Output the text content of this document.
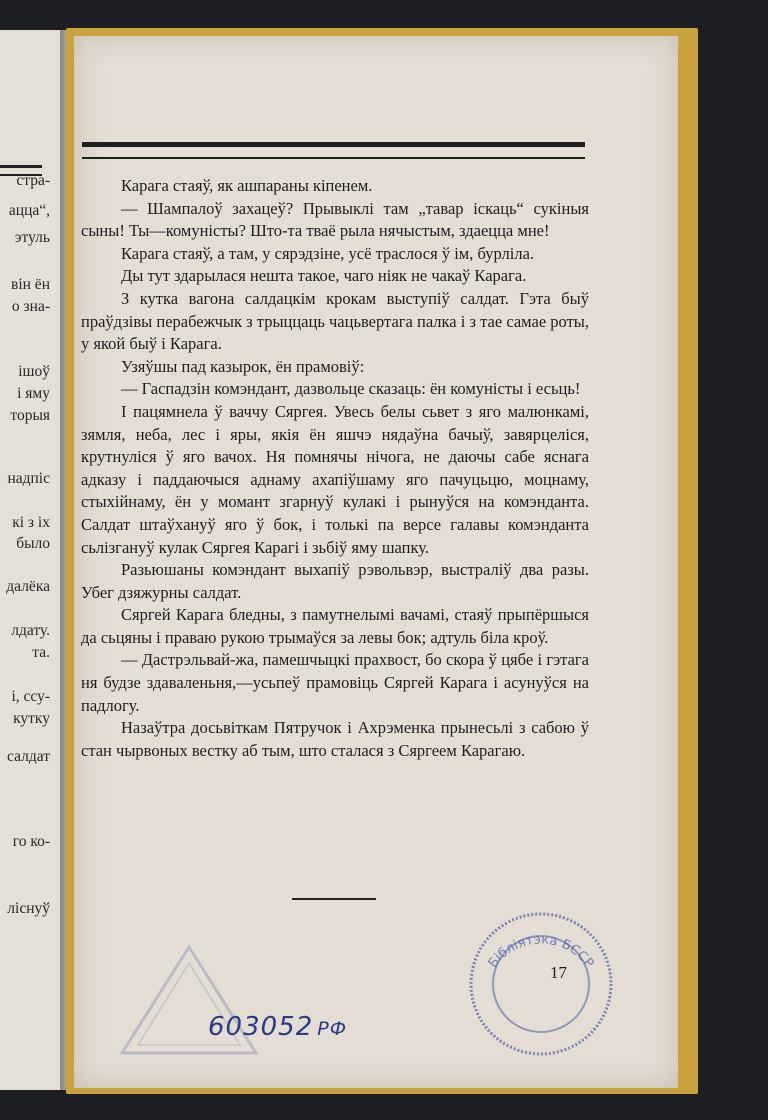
стра-
ацца“,
этуль
він ён
о зна-
ішоў
і яму
торыя
надпіс
кі з іх
было
далёка
лдату.
та.
і, ссу-
кутку
салдат
го ко-
лiснуў

Карага стаяў, як ашпараны кіпенем.

— Шампалоў захацеў? Прывыклі там „тавар іскаць“ сукіныя сыны! Ты—комуністы? Што-та тваё рыла нячыстым, здаецца мне!

Карага стаяў, а там, у сярэдзіне, усё траслося ў ім, бурліла.

Ды тут здарылася нешта такое, чаго ніяк не чакаў Карага.

З кутка вагона салдацкім крокам выступіў салдат. Гэта быў праўдзівы перабежчык з трыццаць чацьвертага палка і з тае самае роты, у якой быў і Карага.

Узяўшы пад казырок, ён прамовіў:

— Гаспадзін комэндант, дазвольце сказаць: ён комуністы і есьць!

І пацямнела ў ваччу Сяргея. Увесь белы сьвет з яго малюнкамі, зямля, неба, лес і яры, якія ён яшчэ нядаўна бачыў, завярцеліся, крутнуліся ў яго вачох. Ня помнячы нічога, не даючы сабе яснага адказу і паддаючыся аднаму ахапіўшаму яго пачуцьцю, моцнаму, стыхійнаму, ён у момант згарнуў кулакі і рынуўся на комэнданта. Салдат штаўхануў яго ў бок, і толькі па версе галавы комэнданта сьлізгануў кулак Сяргея Карагі і зьбіў яму шапку.

Разьюшаны комэндант выхапіў рэвольвэр, выстраліў два разы. Убег дзяжурны салдат.

Сяргей Карага бледны, з памутнелымі вачамі, стаяў прыпёршыся да сьцяны і праваю рукою трымаўся за левы бок; адтуль біла кроў.

— Дастрэльвай-жа, памешчыцкі прахвост, бо скора ў цябе і гэтага ня будзе здаваленьня,—усьпеў прамовіць Сяргей Карага і асунуўся на падлогу.

Назаўтра досьвіткам Пятручок і Ахрэменка прынесьлі з сабою ў стан чырвоных вестку аб тым, што сталася з Сяргеем Карагаю.

Бібліятэка БССР
17
603052 РФ
